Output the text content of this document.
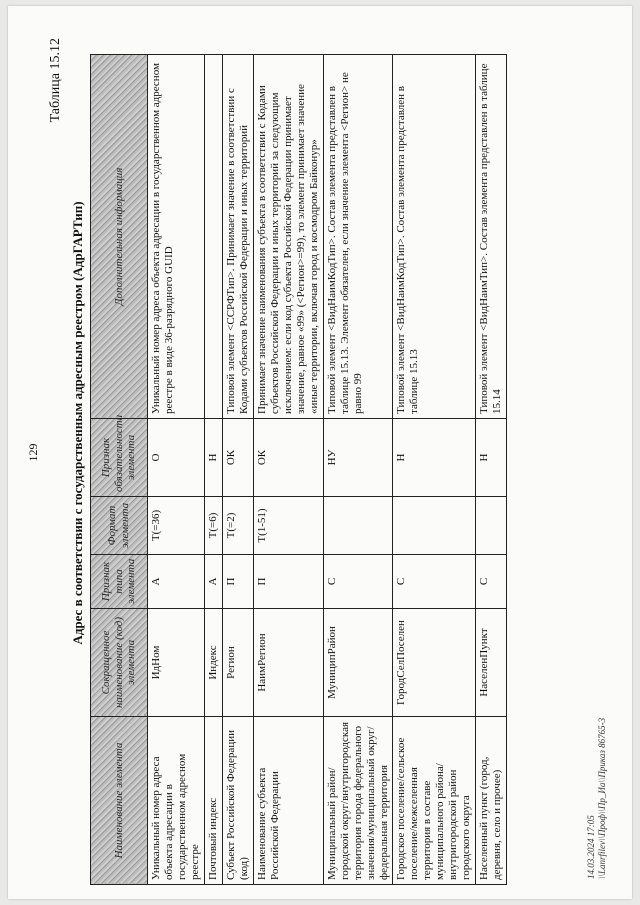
129
Таблица 15.12
Адрес в соответствии с государственным адресным реестром (АдрГАРТип)
Наименование элемента	Сокращенное наименование (код) элемента	Признак типа элемента	Формат элемента	Признак обязательности элемента	Дополнительная информация
Уникальный номер адреса объекта адресации в государственном адресном реестре	ИдНом	А	T(=36)	О	Уникальный номер адреса объекта адресации в государственном адресном реестре в виде 36-разрядного GUID
Почтовый индекс	Индекс	А	T(=6)	Н	
Субъект Российской Федерации (код)	Регион	П	T(=2)	ОК	Типовой элемент <ССРФТип>. Принимает значение в соответствии с Кодами субъектов Российской Федерации и иных территорий
Наименование субъекта Российской Федерации	НаимРегион	П	T(1-51)	ОК	Принимает значение наименования субъекта в соответствии с Кодами субъектов Российской Федерации и иных территорий за следующим исключением: если код субъекта Российской Федерации принимает значение, равное «99» (<Регион>=99), то элемент принимает значение «иные территории, включая город и космодром Байконур»
Муниципальный район/городской округ/внутригородская территория города федерального значения/муниципальный округ/федеральная территория	МуниципРайон	С		НУ	Типовой элемент <ВидНаимКодТип>. Состав элемента представлен в таблице 15.13. Элемент обязателен, если значение элемента <Регион> не равно 99
Городское поселение/сельское поселение/межселенная территория в составе муниципального района/внутригородской район городского округа	ГородСелПоселен	С		Н	Типовой элемент <ВидНаимКодТип>. Состав элемента представлен в таблице 15.13
Населенный пункт (город, деревня, село и прочее)	НаселенПункт	С		Н	Типовой элемент <ВидНаимТип>. Состав элемента представлен в таблице 15.14
14.03.2024 17:05 \\Lanrfilev\\Проф\\Пр_Иа\\Приказ 86765-3
